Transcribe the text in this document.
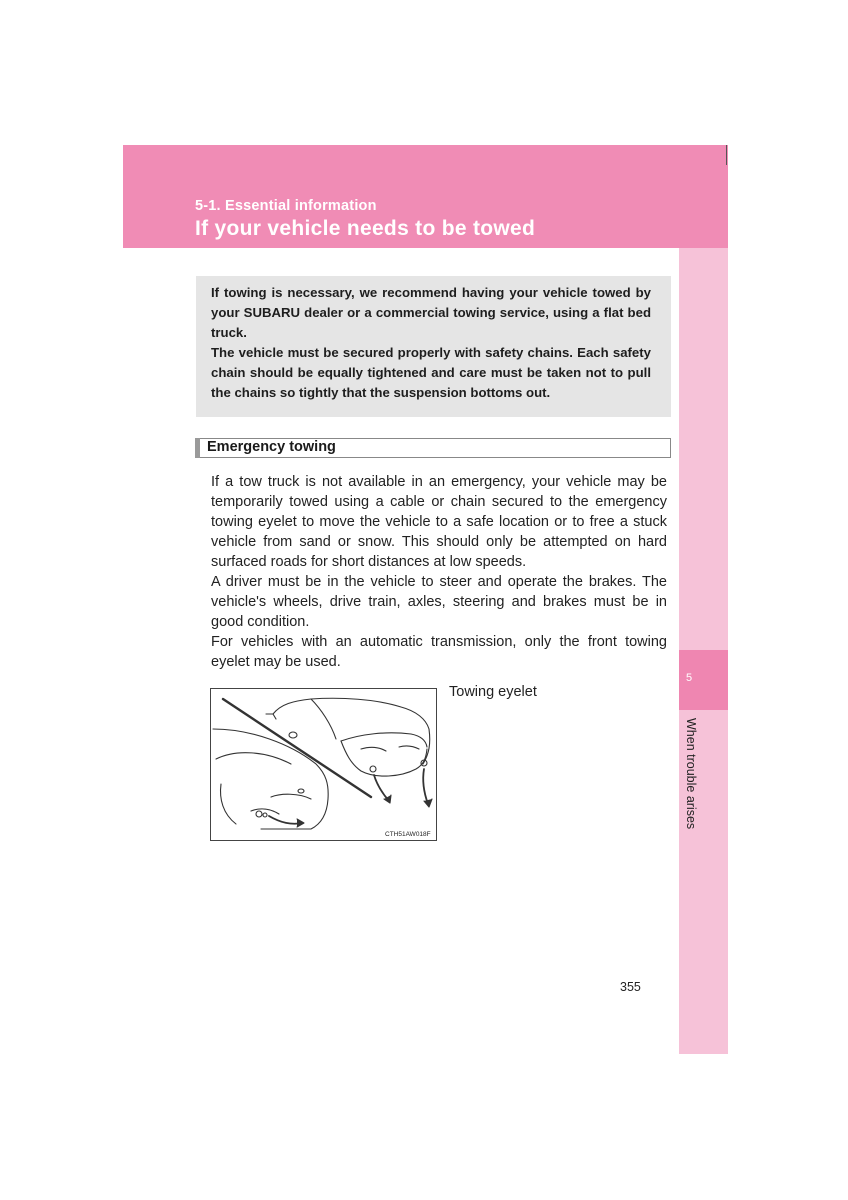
5-1. Essential information
If your vehicle needs to be towed
5
When trouble arises
If towing is necessary, we recommend having your vehicle towed by your SUBARU dealer or a commercial towing service, using a flat bed truck.
The vehicle must be secured properly with safety chains. Each safety chain should be equally tightened and care must be taken not to pull the chains so tightly that the suspension bottoms out.
Emergency towing

If a tow truck is not available in an emergency, your vehicle may be temporarily towed using a cable or chain secured to the emergency towing eyelet to move the vehicle to a safe location or to free a stuck vehicle from sand or snow. This should only be attempted on hard surfaced roads for short distances at low speeds.

A driver must be in the vehicle to steer and operate the brakes. The vehicle's wheels, drive train, axles, steering and brakes must be in good condition.

For vehicles with an automatic transmission, only the front towing eyelet may be used.

CTH51AW018F
Towing eyelet
355
